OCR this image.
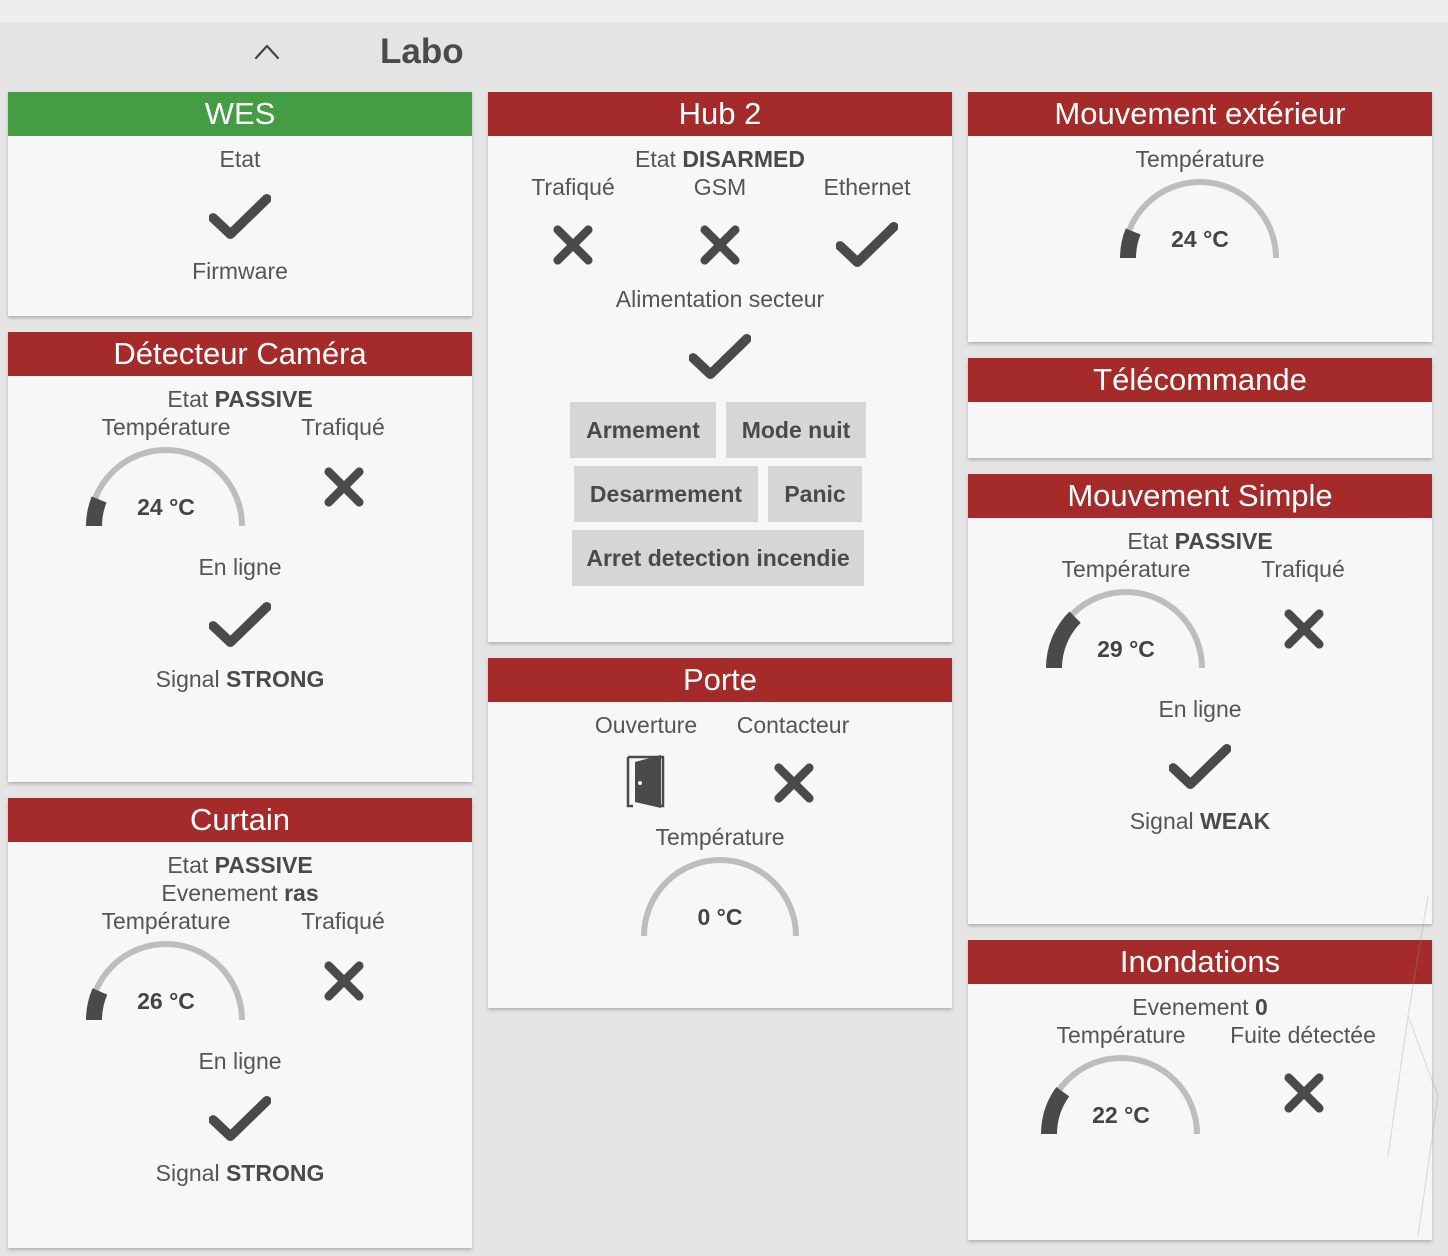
Labo
WES
Etat
Firmware
Détecteur Caméra
Etat PASSIVE
Température	Trafiqué
24 °C
En ligne
Signal STRONG
Curtain
Etat PASSIVE
Evenement ras
Température	Trafiqué
26 °C
En ligne
Signal STRONG
Hub 2
Etat DISARMED
Trafiqué	GSM	Ethernet
Alimentation secteur
Armement	Mode nuit
Desarmement	Panic
Arret detection incendie
Porte
Ouverture Contacteur
Température
0 °C
Mouvement extérieur
Température
24 °C
Télécommande
Mouvement Simple
Etat PASSIVE
Température	Trafiqué
29 °C
En ligne
Signal WEAK
Inondations
Evenement 0
Température Fuite détectée
22 °C
